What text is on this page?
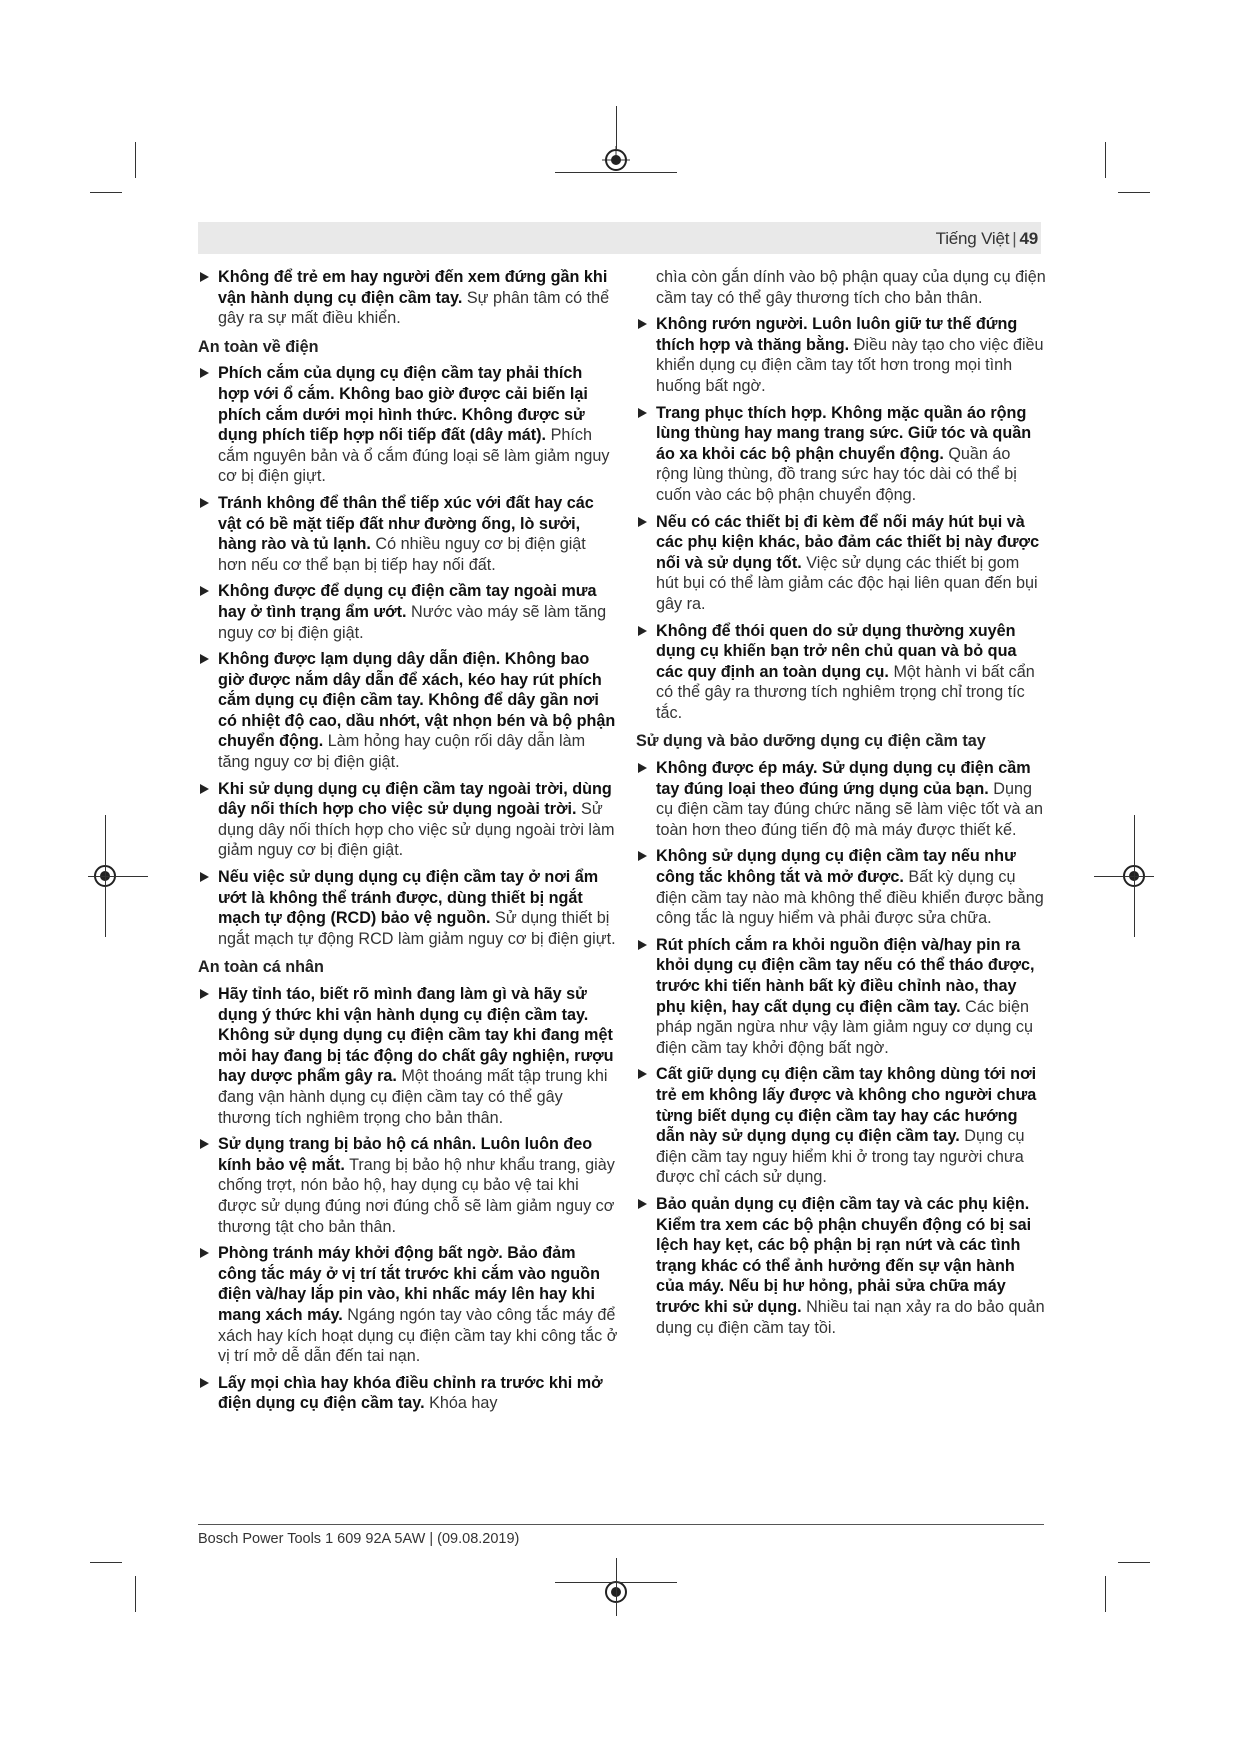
Tiếng Việt | 49
Không để trẻ em hay người đến xem đứng gần khi vận hành dụng cụ điện cầm tay. Sự phân tâm có thể gây ra sự mất điều khiển.
An toàn về điện
Phích cắm của dụng cụ điện cầm tay phải thích hợp với ổ cắm. Không bao giờ được cải biến lại phích cắm dưới mọi hình thức. Không được sử dụng phích tiếp hợp nối tiếp đất (dây mát). Phích cắm nguyên bản và ổ cắm đúng loại sẽ làm giảm nguy cơ bị điện giựt.
Tránh không để thân thể tiếp xúc với đất hay các vật có bề mặt tiếp đất như đường ống, lò sưởi, hàng rào và tủ lạnh. Có nhiều nguy cơ bị điện giật hơn nếu cơ thể bạn bị tiếp hay nối đất.
Không được để dụng cụ điện cầm tay ngoài mưa hay ở tình trạng ẩm ướt. Nước vào máy sẽ làm tăng nguy cơ bị điện giật.
Không được lạm dụng dây dẫn điện. Không bao giờ được nắm dây dẫn để xách, kéo hay rút phích cắm dụng cụ điện cầm tay. Không để dây gần nơi có nhiệt độ cao, dầu nhớt, vật nhọn bén và bộ phận chuyển động. Làm hỏng hay cuộn rối dây dẫn làm tăng nguy cơ bị điện giật.
Khi sử dụng dụng cụ điện cầm tay ngoài trời, dùng dây nối thích hợp cho việc sử dụng ngoài trời. Sử dụng dây nối thích hợp cho việc sử dụng ngoài trời làm giảm nguy cơ bị điện giật.
Nếu việc sử dụng dụng cụ điện cầm tay ở nơi ẩm ướt là không thể tránh được, dùng thiết bị ngắt mạch tự động (RCD) bảo vệ nguồn. Sử dụng thiết bị ngắt mạch tự động RCD làm giảm nguy cơ bị điện giựt.
An toàn cá nhân
Hãy tỉnh táo, biết rõ mình đang làm gì và hãy sử dụng ý thức khi vận hành dụng cụ điện cầm tay. Không sử dụng dụng cụ điện cầm tay khi đang mệt mỏi hay đang bị tác động do chất gây nghiện, rượu hay dược phẩm gây ra. Một thoáng mất tập trung khi đang vận hành dụng cụ điện cầm tay có thể gây thương tích nghiêm trọng cho bản thân.
Sử dụng trang bị bảo hộ cá nhân. Luôn luôn đeo kính bảo vệ mắt. Trang bị bảo hộ như khẩu trang, giày chống trợt, nón bảo hộ, hay dụng cụ bảo vệ tai khi được sử dụng đúng nơi đúng chỗ sẽ làm giảm nguy cơ thương tật cho bản thân.
Phòng tránh máy khởi động bất ngờ. Bảo đảm công tắc máy ở vị trí tắt trước khi cắm vào nguồn điện và/hay lắp pin vào, khi nhấc máy lên hay khi mang xách máy. Ngáng ngón tay vào công tắc máy để xách hay kích hoạt dụng cụ điện cầm tay khi công tắc ở vị trí mở dễ dẫn đến tai nạn.
Lấy mọi chìa hay khóa điều chỉnh ra trước khi mở điện dụng cụ điện cầm tay. Khóa hay
chìa còn gắn dính vào bộ phận quay của dụng cụ điện cầm tay có thể gây thương tích cho bản thân.
Không rướn người. Luôn luôn giữ tư thế đứng thích hợp và thăng bằng. Điều này tạo cho việc điều khiển dụng cụ điện cầm tay tốt hơn trong mọi tình huống bất ngờ.
Trang phục thích hợp. Không mặc quần áo rộng lùng thùng hay mang trang sức. Giữ tóc và quần áo xa khỏi các bộ phận chuyển động. Quần áo rộng lùng thùng, đồ trang sức hay tóc dài có thể bị cuốn vào các bộ phận chuyển động.
Nếu có các thiết bị đi kèm để nối máy hút bụi và các phụ kiện khác, bảo đảm các thiết bị này được nối và sử dụng tốt. Việc sử dụng các thiết bị gom hút bụi có thể làm giảm các độc hại liên quan đến bụi gây ra.
Không để thói quen do sử dụng thường xuyên dụng cụ khiến bạn trở nên chủ quan và bỏ qua các quy định an toàn dụng cụ. Một hành vi bất cẩn có thể gây ra thương tích nghiêm trọng chỉ trong tíc tắc.
Sử dụng và bảo dưỡng dụng cụ điện cầm tay
Không được ép máy. Sử dụng dụng cụ điện cầm tay đúng loại theo đúng ứng dụng của bạn. Dụng cụ điện cầm tay đúng chức năng sẽ làm việc tốt và an toàn hơn theo đúng tiến độ mà máy được thiết kế.
Không sử dụng dụng cụ điện cầm tay nếu như công tắc không tắt và mở được. Bất kỳ dụng cụ điện cầm tay nào mà không thể điều khiển được bằng công tắc là nguy hiểm và phải được sửa chữa.
Rút phích cắm ra khỏi nguồn điện và/hay pin ra khỏi dụng cụ điện cầm tay nếu có thể tháo được, trước khi tiến hành bất kỳ điều chỉnh nào, thay phụ kiện, hay cất dụng cụ điện cầm tay. Các biện pháp ngăn ngừa như vậy làm giảm nguy cơ dụng cụ điện cầm tay khởi động bất ngờ.
Cất giữ dụng cụ điện cầm tay không dùng tới nơi trẻ em không lấy được và không cho người chưa từng biết dụng cụ điện cầm tay hay các hướng dẫn này sử dụng dụng cụ điện cầm tay. Dụng cụ điện cầm tay nguy hiểm khi ở trong tay người chưa được chỉ cách sử dụng.
Bảo quản dụng cụ điện cầm tay và các phụ kiện. Kiểm tra xem các bộ phận chuyển động có bị sai lệch hay kẹt, các bộ phận bị rạn nứt và các tình trạng khác có thể ảnh hưởng đến sự vận hành của máy. Nếu bị hư hỏng, phải sửa chữa máy trước khi sử dụng. Nhiều tai nạn xảy ra do bảo quản dụng cụ điện cầm tay tồi.
Bosch Power Tools 1 609 92A 5AW | (09.08.2019)
